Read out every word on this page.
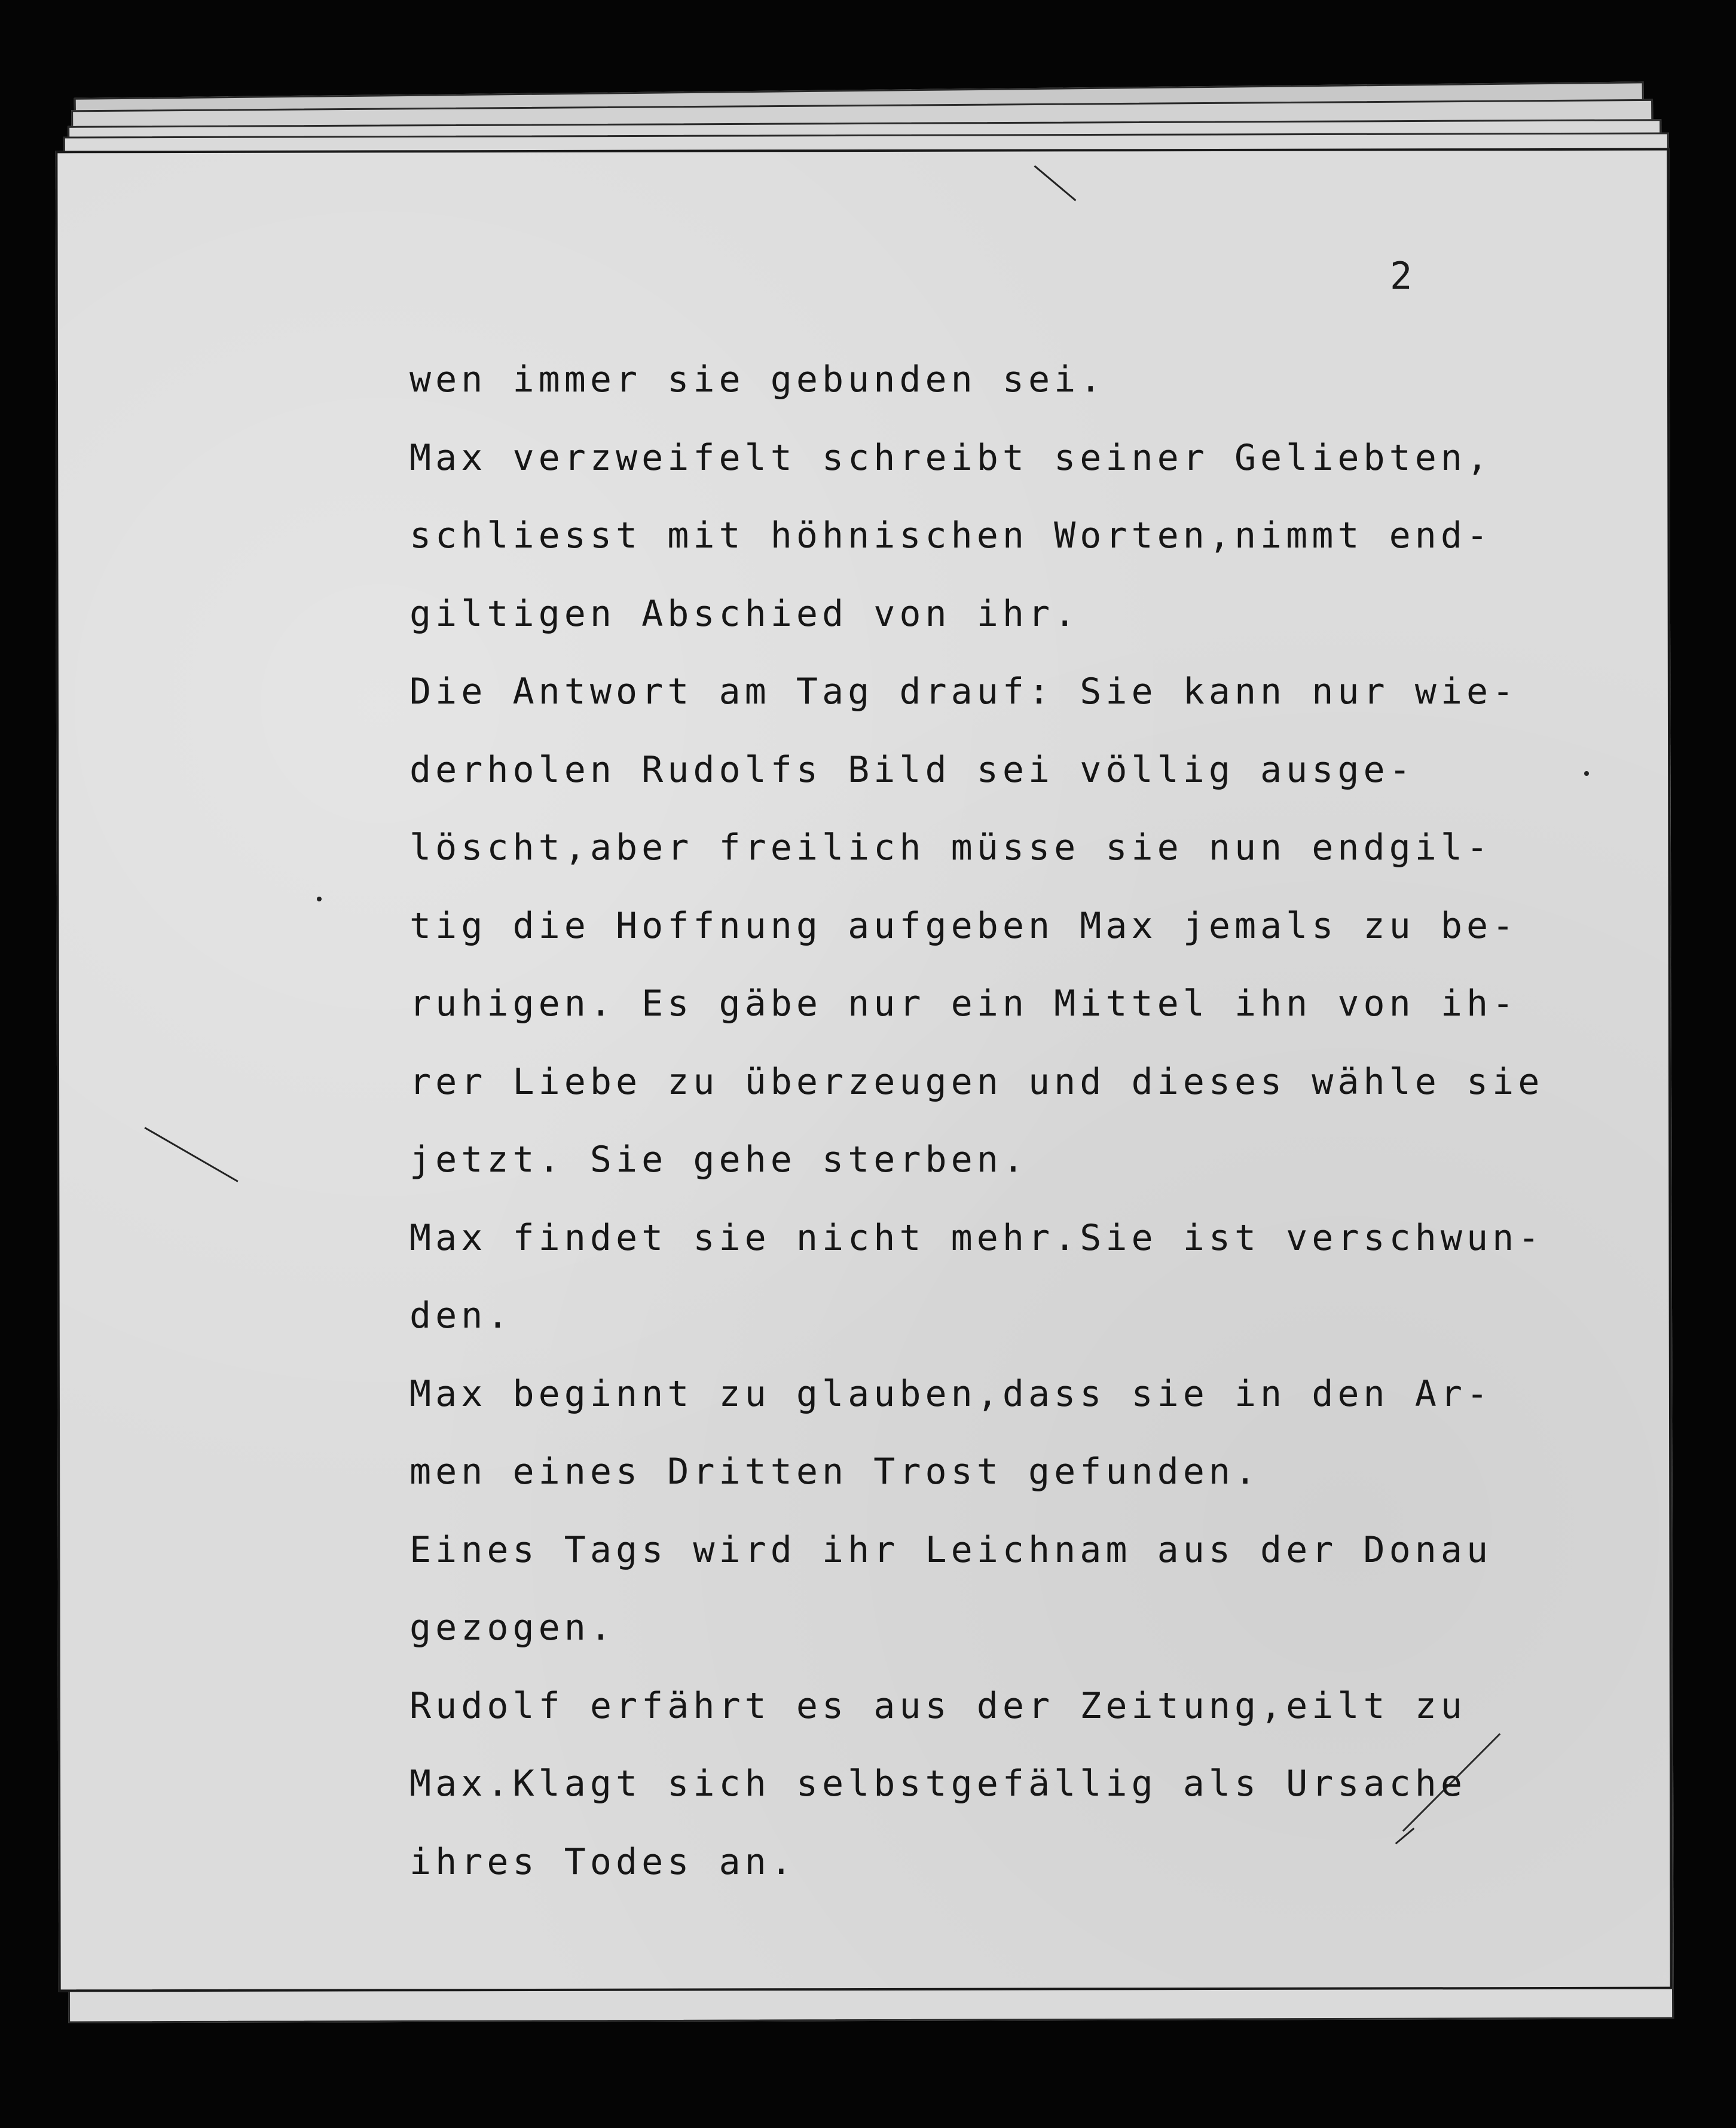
2

wen immer sie gebunden sei.
Max verzweifelt schreibt seiner Geliebten,
schliesst mit höhnischen Worten,nimmt end-
giltigen Abschied von ihr.
Die Antwort am Tag drauf: Sie kann nur wie-
derholen Rudolfs Bild sei völlig ausge-
löscht,aber freilich müsse sie nun endgil-
tig die Hoffnung aufgeben Max jemals zu be-
ruhigen. Es gäbe nur ein Mittel ihn von ih-
rer Liebe zu überzeugen und dieses wähle sie
jetzt. Sie gehe sterben.
Max findet sie nicht mehr.Sie ist verschwun-
den.
Max beginnt zu glauben,dass sie in den Ar-
men eines Dritten Trost gefunden.
Eines Tags wird ihr Leichnam aus der Donau
gezogen.
Rudolf erfährt es aus der Zeitung,eilt zu
Max.Klagt sich selbstgefällig als Ursache
ihres Todes an.
